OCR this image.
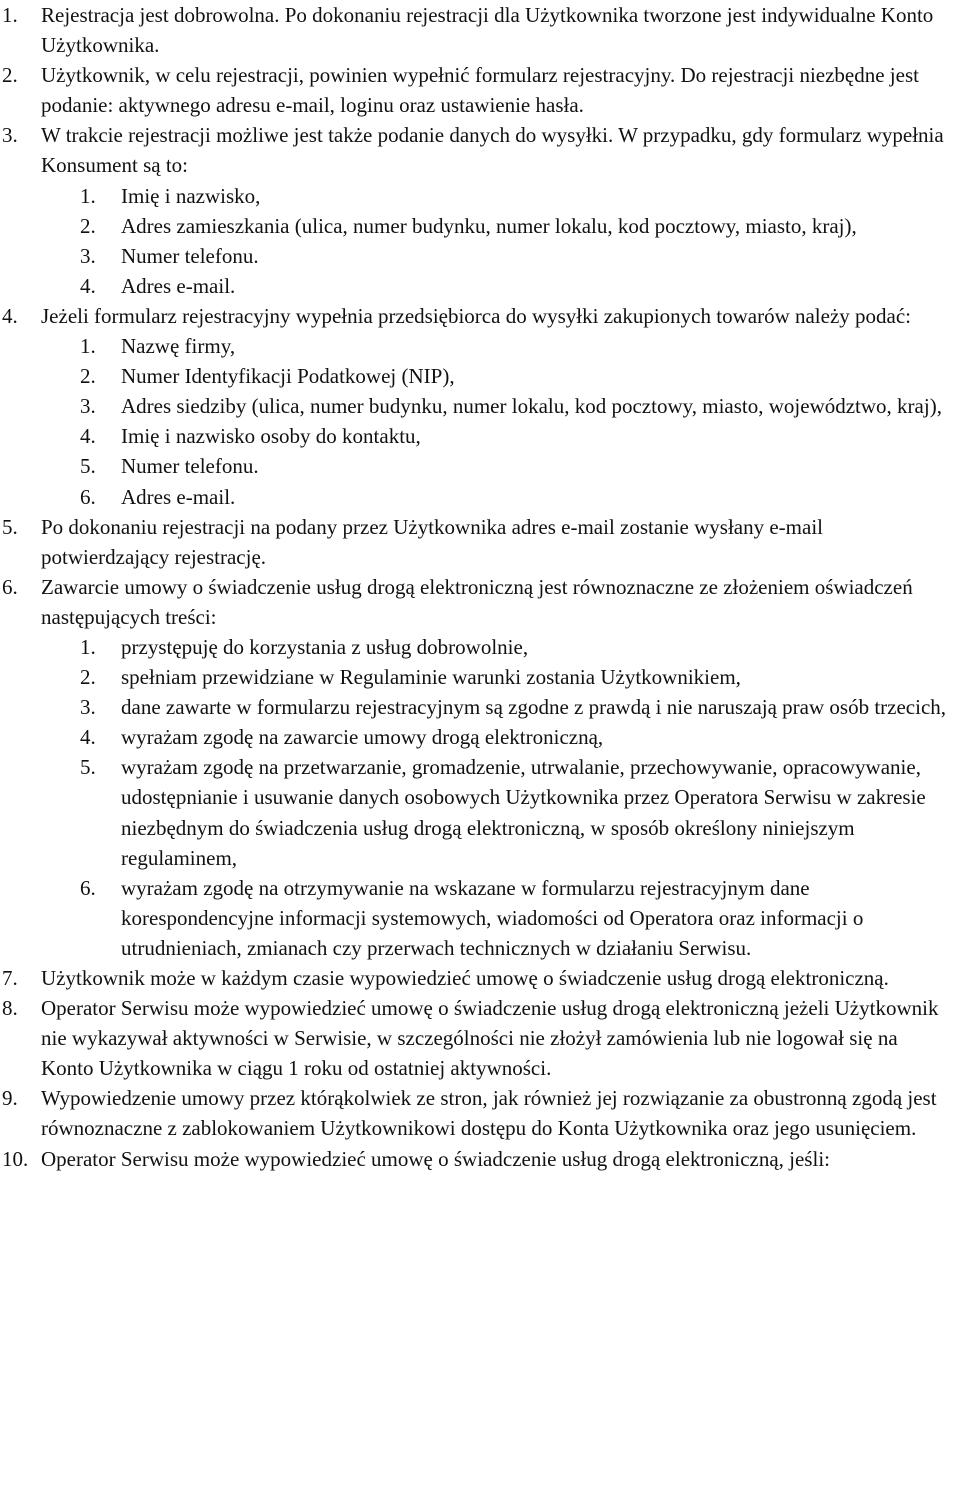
1. Rejestracja jest dobrowolna. Po dokonaniu rejestracji dla Użytkownika tworzone jest indywidualne Konto Użytkownika.
2. Użytkownik, w celu rejestracji, powinien wypełnić formularz rejestracyjny. Do rejestracji niezbędne jest podanie: aktywnego adresu e-mail, loginu oraz ustawienie hasła.
3. W trakcie rejestracji możliwe jest także podanie danych do wysyłki. W przypadku, gdy formularz wypełnia Konsument są to:
1. Imię i nazwisko,
2. Adres zamieszkania (ulica, numer budynku, numer lokalu, kod pocztowy, miasto, kraj),
3. Numer telefonu.
4. Adres e-mail.
4. Jeżeli formularz rejestracyjny wypełnia przedsiębiorca do wysyłki zakupionych towarów należy podać:
1. Nazwę firmy,
2. Numer Identyfikacji Podatkowej (NIP),
3. Adres siedziby (ulica, numer budynku, numer lokalu, kod pocztowy, miasto, województwo, kraj),
4. Imię i nazwisko osoby do kontaktu,
5. Numer telefonu.
6. Adres e-mail.
5. Po dokonaniu rejestracji na podany przez Użytkownika adres e-mail zostanie wysłany e-mail potwierdzający rejestrację.
6. Zawarcie umowy o świadczenie usług drogą elektroniczną jest równoznaczne ze złożeniem oświadczeń następujących treści:
1. przystępuję do korzystania z usług dobrowolnie,
2. spełniam przewidziane w Regulaminie warunki zostania Użytkownikiem,
3. dane zawarte w formularzu rejestracyjnym są zgodne z prawdą i nie naruszają praw osób trzecich,
4. wyrażam zgodę na zawarcie umowy drogą elektroniczną,
5. wyrażam zgodę na przetwarzanie, gromadzenie, utrwalanie, przechowywanie, opracowywanie, udostępnianie i usuwanie danych osobowych Użytkownika przez Operatora Serwisu w zakresie niezbędnym do świadczenia usług drogą elektroniczną, w sposób określony niniejszym regulaminem,
6. wyrażam zgodę na otrzymywanie na wskazane w formularzu rejestracyjnym dane korespondencyjne informacji systemowych, wiadomości od Operatora oraz informacji o utrudnieniach, zmianach czy przerwach technicznych w działaniu Serwisu.
7. Użytkownik może w każdym czasie wypowiedzieć umowę o świadczenie usług drogą elektroniczną.
8. Operator Serwisu może wypowiedzieć umowę o świadczenie usług drogą elektroniczną jeżeli Użytkownik nie wykazywał aktywności w Serwisie, w szczególności nie złożył zamówienia lub nie logował się na Konto Użytkownika w ciągu 1 roku od ostatniej aktywności.
9. Wypowiedzenie umowy przez którąkolwiek ze stron, jak również jej rozwiązanie za obustronną zgodą jest równoznaczne z zablokowaniem Użytkownikowi dostępu do Konta Użytkownika oraz jego usunięciem.
10. Operator Serwisu może wypowiedzieć umowę o świadczenie usług drogą elektroniczną, jeśli:
